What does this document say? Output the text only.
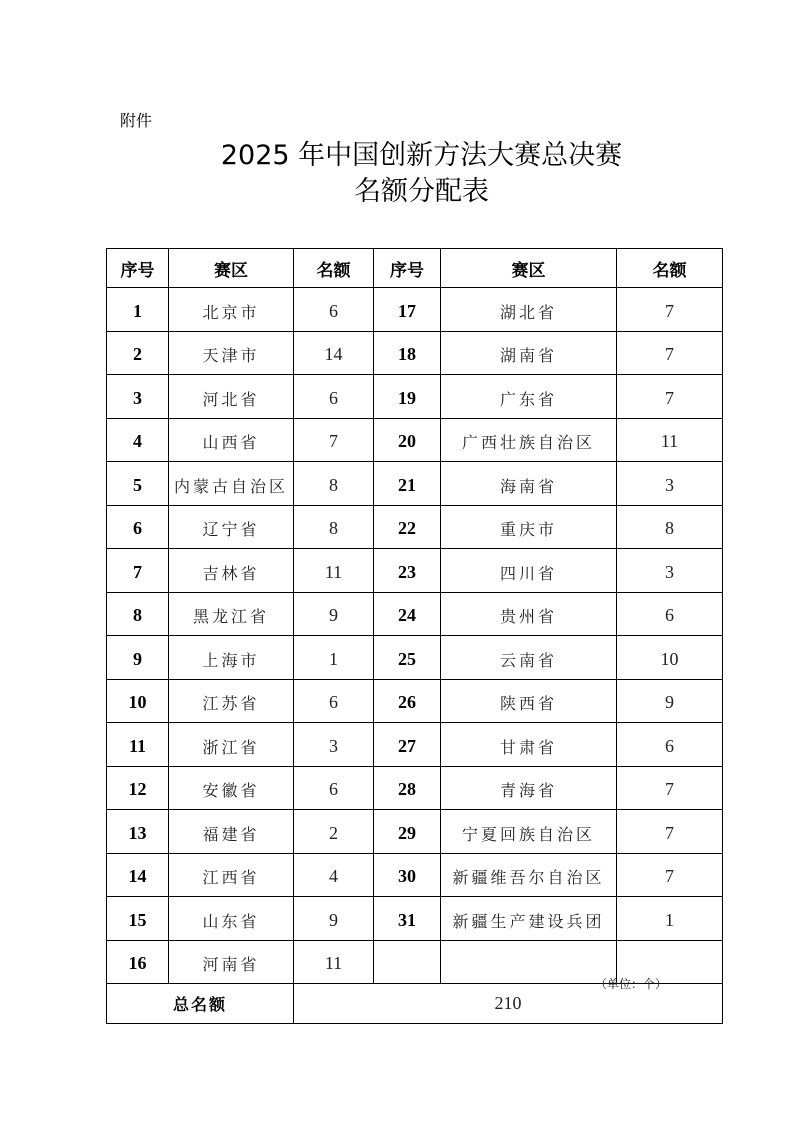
附件
2025 年中国创新方法大赛总决赛
名额分配表
序号	赛区	名额	序号	赛区	名额
1	北京市	6	17	湖北省	7
2	天津市	14	18	湖南省	7
3	河北省	6	19	广东省	7
4	山西省	7	20	广西壮族自治区	11
5	内蒙古自治区	8	21	海南省	3
6	辽宁省	8	22	重庆市	8
7	吉林省	11	23	四川省	3
8	黑龙江省	9	24	贵州省	6
9	上海市	1	25	云南省	10
10	江苏省	6	26	陕西省	9
11	浙江省	3	27	甘肃省	6
12	安徽省	6	28	青海省	7
13	福建省	2	29	宁夏回族自治区	7
14	江西省	4	30	新疆维吾尔自治区	7
15	山东省	9	31	新疆生产建设兵团	1
16	河南省	11			
总名额		210			
（单位：个）
